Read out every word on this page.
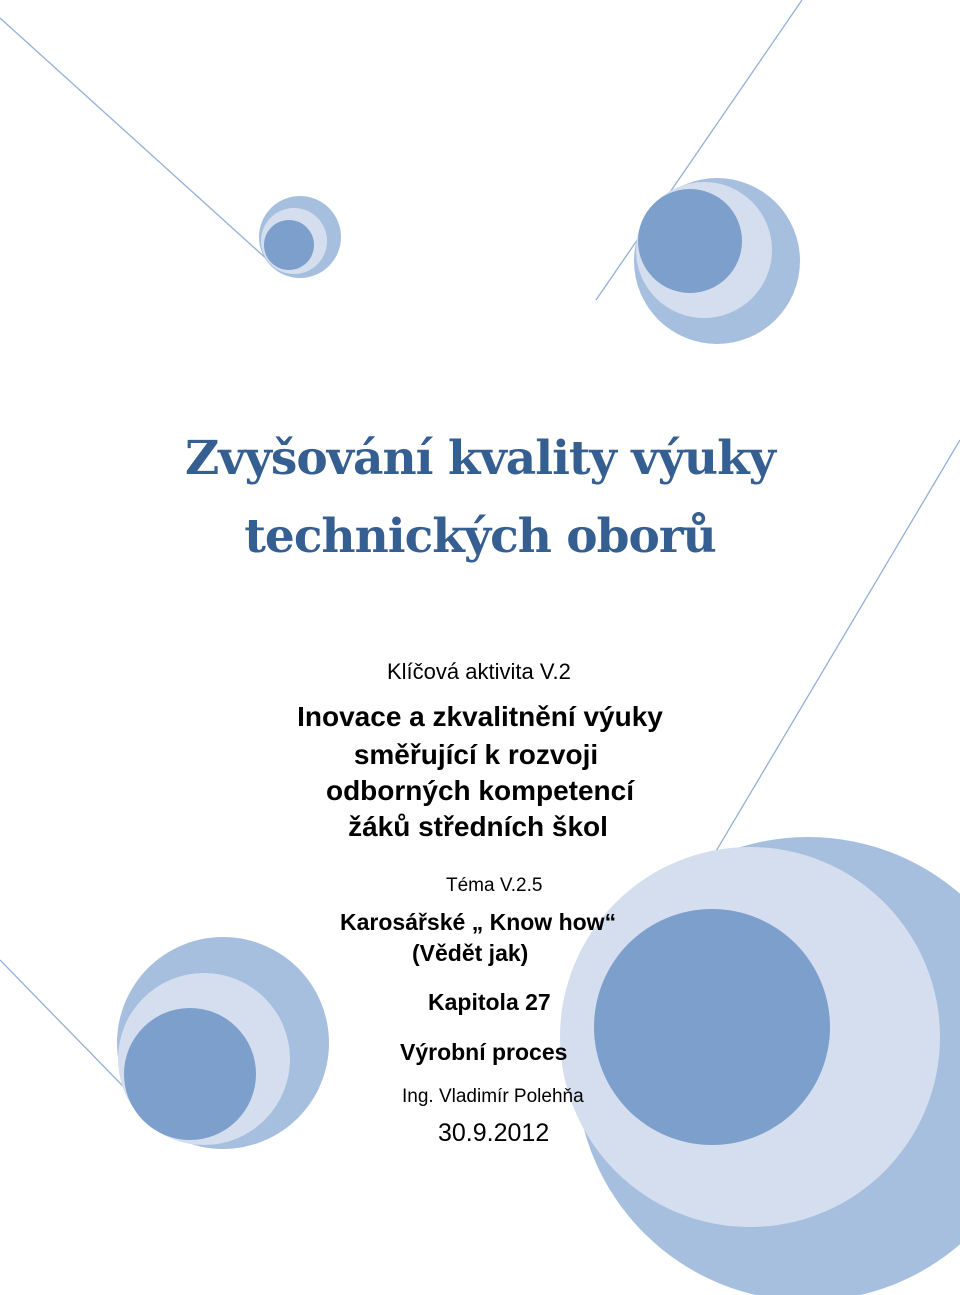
Zvyšování kvality výuky
technických oborů
Klíčová aktivita V.2
Inovace a zkvalitnění výuky
směřující k rozvoji
odborných kompetencí
žáků středních škol
Téma V.2.5
Karosářské „ Know how“
(Vědět jak)
Kapitola 27
Výrobní proces
Ing. Vladimír Polehňa
30.9.2012
